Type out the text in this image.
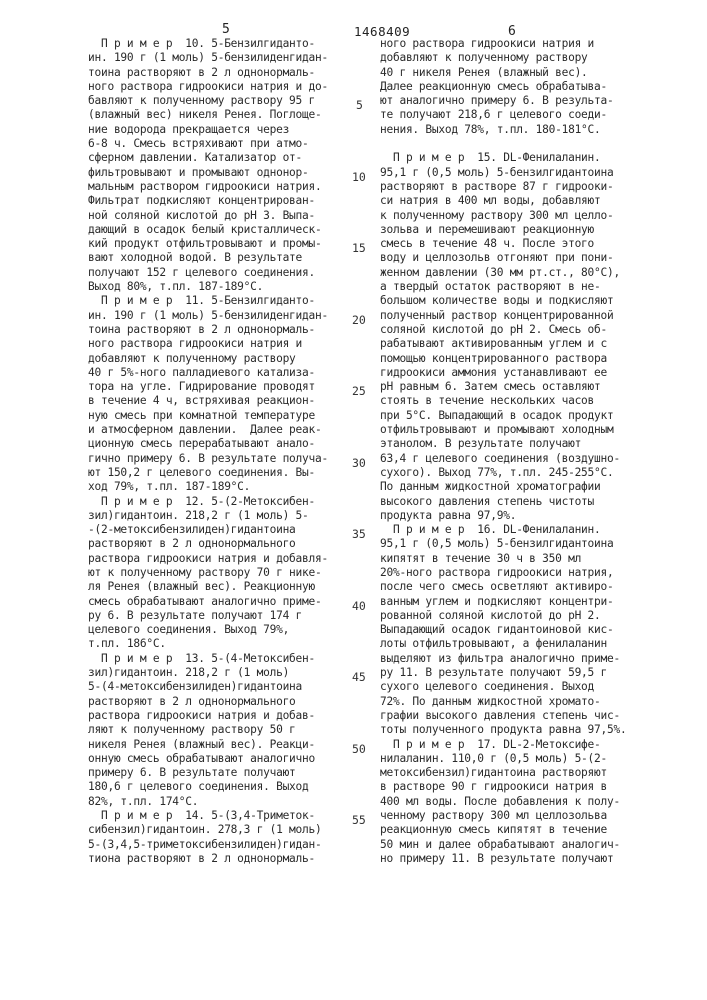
5	1468409	6
П р и м е р  10. 5-Бензилгиданто-
ин. 190 г (1 моль) 5-бензилиденгидан-
тоина растворяют в 2 л однонормаль-
ного раствора гидроокиси натрия и до-
бавляют к полученному раствору 95 г
(влажный вес) никеля Ренея. Поглоще-
ние водорода прекращается через
6-8 ч. Смесь встряхивают при атмо-
сферном давлении. Катализатор от-
фильтровывают и промывают однонор-
мальным раствором гидроокиси натрия.
Фильтрат подкисляют концентрирован-
ной соляной кислотой до рН 3. Выпа-
дающий в осадок белый кристаллическ-
кий продукт отфильтровывают и промы-
вают холодной водой. В результате
получают 152 г целевого соединения.
Выход 80%, т.пл. 187-189°С.
П р и м е р  11. 5-Бензилгиданто-
ин. 190 г (1 моль) 5-бензилиденгидан-
тоина растворяют в 2 л однонормаль-
ного раствора гидроокиси натрия и
добавляют к полученному раствору
40 г 5%-ного палладиевого катализа-
тора на угле. Гидрирование проводят
в течение 4 ч, встряхивая реакцион-
ную смесь при комнатной температуре
и атмосферном давлении.  Далее реак-
ционную смесь перерабатывают анало-
гично примеру 6. В результате получа-
ют 150,2 г целевого соединения. Вы-
ход 79%, т.пл. 187-189°С.
П р и м е р  12. 5-(2-Метоксибен-
зил)гидантоин. 218,2 г (1 моль) 5-
-(2-метоксибензилиден)гидантоина
растворяют в 2 л однонормального
раствора гидроокиси натрия и добавля-
ют к полученному раствору 70 г нике-
ля Ренея (влажный вес). Реакционную
смесь обрабатывают аналогично приме-
ру 6. В результате получают 174 г
целевого соединения. Выход 79%,
т.пл. 186°С.
П р и м е р  13. 5-(4-Метоксибен-
зил)гидантоин. 218,2 г (1 моль)
5-(4-метоксибензилиден)гидантоина
растворяют в 2 л однонормального
раствора гидроокиси натрия и добав-
ляют к полученному раствору 50 г
никеля Ренея (влажный вес). Реакци-
онную смесь обрабатывают аналогично
примеру 6. В результате получают
180,6 г целевого соединения. Выход
82%, т.пл. 174°С.
П р и м е р  14. 5-(3,4-Триметок-
сибензил)гидантоин. 278,3 г (1 моль)
5-(3,4,5-триметоксибензилиден)гидан-
тиона растворяют в 2 л однонормаль-
5
10
15
20
25
30
35
40
45
50
55
ного раствора гидроокиси натрия и
добавляют к полученному раствору
40 г никеля Ренея (влажный вес).
Далее реакционную смесь обрабатыва-
ют аналогично примеру 6. В результа-
те получают 218,6 г целевого соеди-
нения. Выход 78%, т.пл. 180-181°С.
П р и м е р  15. DL-Фенилаланин.
95,1 г (0,5 моль) 5-бензилгидантоина
растворяют в растворе 87 г гидрооки-
си натрия в 400 мл воды, добавляют
к полученному раствору 300 мл целло-
зольва и перемешивают реакционную
смесь в течение 48 ч. После этого
воду и целлозольв отгоняют при пони-
женном давлении (30 мм рт.ст., 80°С),
а твердый остаток растворяют в не-
большом количестве воды и подкисляют
полученный раствор концентрированной
соляной кислотой до рН 2. Смесь об-
рабатывают активированным углем и с
помощью концентрированного раствора
гидроокиси аммония устанавливают ее
рН равным 6. Затем смесь оставляют
стоять в течение нескольких часов
при 5°С. Выпадающий в осадок продукт
отфильтровывают и промывают холодным
этанолом. В результате получают
63,4 г целевого соединения (воздушно-
сухого). Выход 77%, т.пл. 245-255°С.
По данным жидкостной хроматографии
высокого давления степень чистоты
продукта равна 97,9%.
П р и м е р  16. DL-Фенилаланин.
95,1 г (0,5 моль) 5-бензилгидантоина
кипятят в течение 30 ч в 350 мл
20%-ного раствора гидроокиси натрия,
после чего смесь осветляют активиро-
ванным углем и подкисляют концентри-
рованной соляной кислотой до рН 2.
Выпадающий осадок гидантоиновой кис-
лоты отфильтровывают, а фенилаланин
выделяют из фильтра аналогично приме-
ру 11. В результате получают 59,5 г
сухого целевого соединения. Выход
72%. По данным жидкостной хромато-
графии высокого давления степень чис-
тоты полученного продукта равна 97,5%.
П р и м е р  17. DL-2-Метоксифе-
нилаланин. 110,0 г (0,5 моль) 5-(2-
метоксибензил)гидантоина растворяют
в растворе 90 г гидроокиси натрия в
400 мл воды. После добавления к полу-
ченному раствору 300 мл целлозольва
реакционную смесь кипятят в течение
50 мин и далее обрабатывают аналогич-
но примеру 11. В результате получают
